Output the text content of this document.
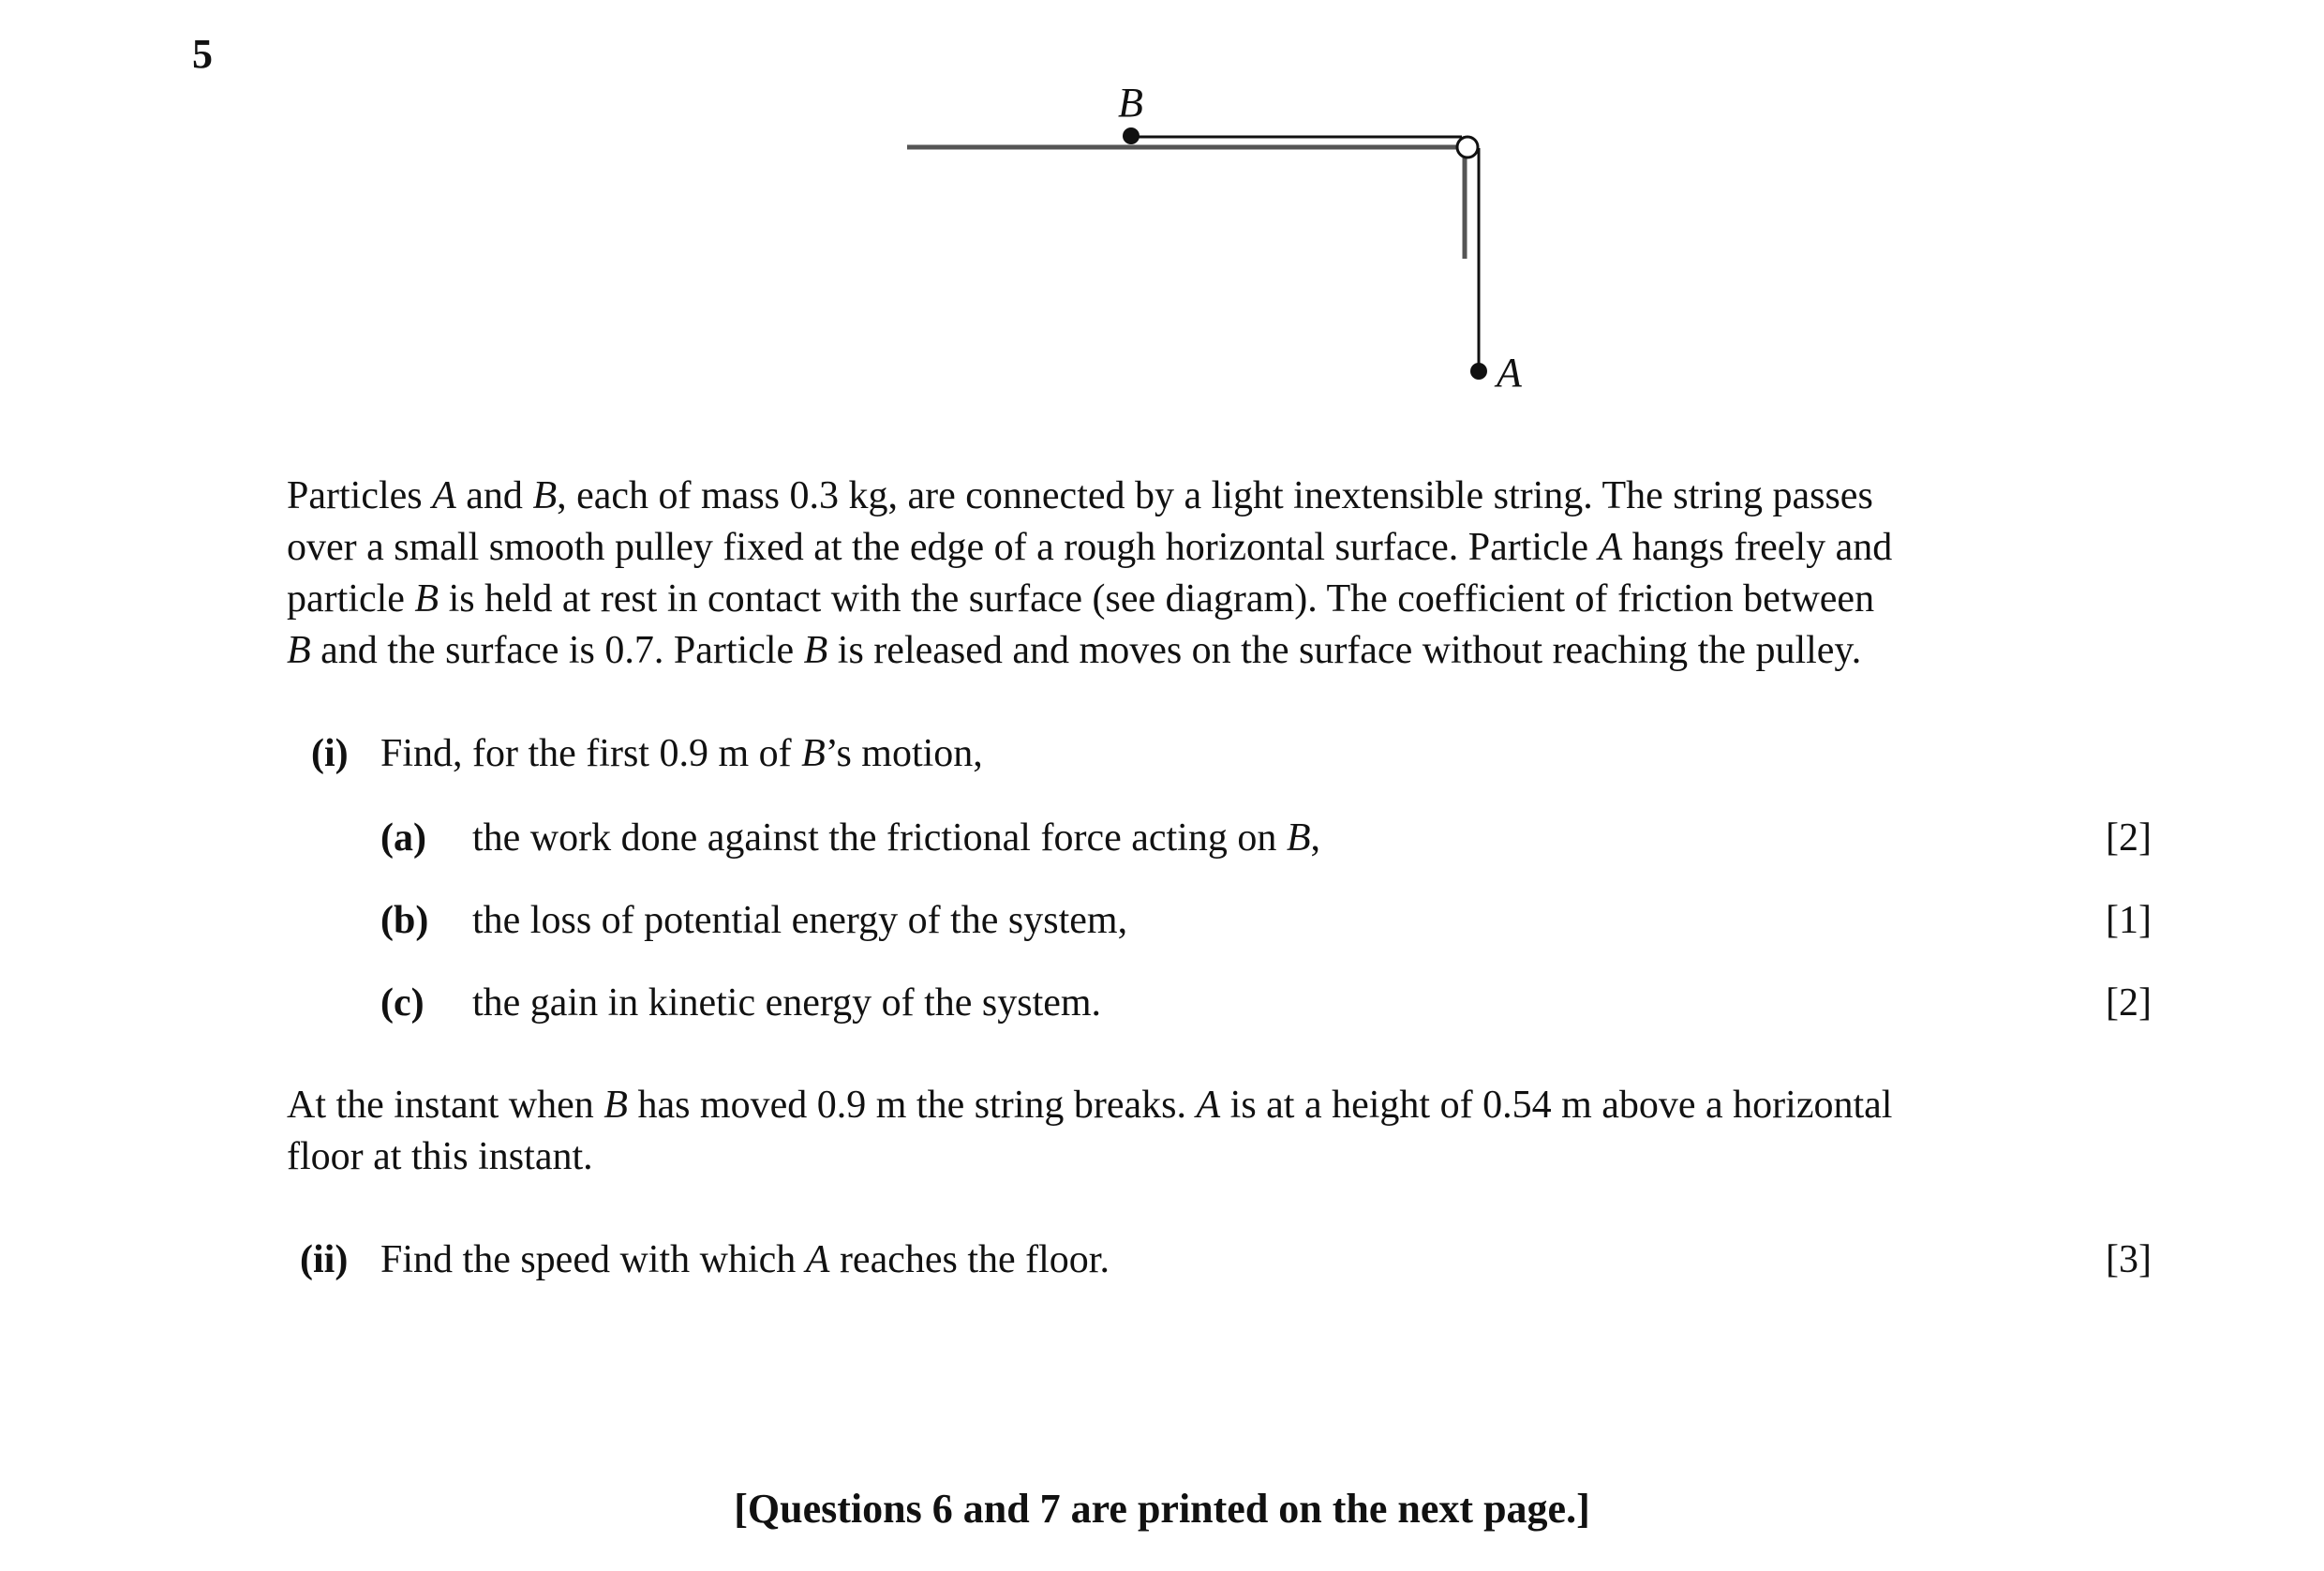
5
B
A
Particles A and B, each of mass 0.3 kg, are connected by a light inextensible string. The string passes
over a small smooth pulley fixed at the edge of a rough horizontal surface. Particle A hangs freely and
particle B is held at rest in contact with the surface (see diagram). The coefficient of friction between
B and the surface is 0.7. Particle B is released and moves on the surface without reaching the pulley.
(i) Find, for the first 0.9 m of B’s motion,
(a) the work done against the frictional force acting on B,	[2]
(b) the loss of potential energy of the system,	[1]
(c) the gain in kinetic energy of the system.	[2]
At the instant when B has moved 0.9 m the string breaks. A is at a height of 0.54 m above a horizontal
floor at this instant.
(ii) Find the speed with which A reaches the floor.	[3]
[Questions 6 and 7 are printed on the next page.]
